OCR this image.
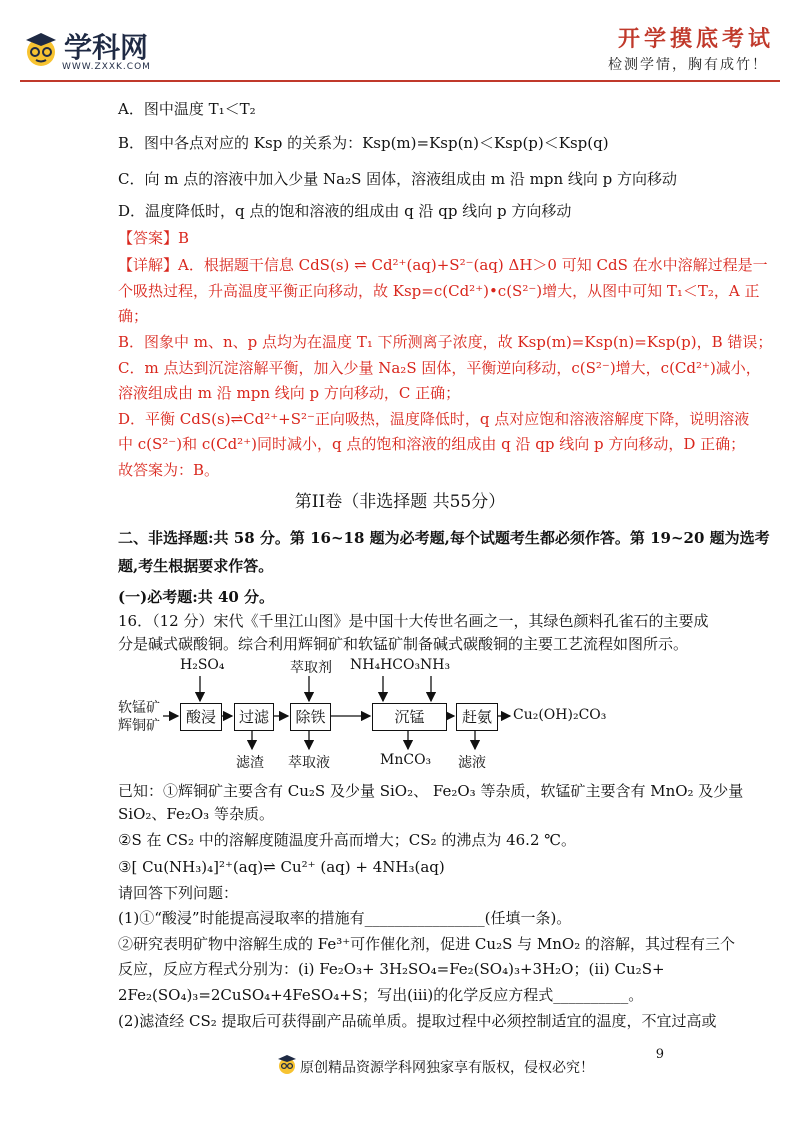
学科网
WWW.ZXXK.COM
开学摸底考试
检测学情，胸有成竹！
A．图中温度 T₁＜T₂
B．图中各点对应的 Ksp 的关系为：Ksp(m)=Ksp(n)＜Ksp(p)＜Ksp(q)
C．向 m 点的溶液中加入少量 Na₂S 固体，溶液组成由 m 沿 mpn 线向 p 方向移动
D．温度降低时，q 点的饱和溶液的组成由 q 沿 qp 线向 p 方向移动
【答案】B
【详解】A．根据题干信息 CdS(s) ⇌ Cd²⁺(aq)+S²⁻(aq) ΔH＞0 可知 CdS 在水中溶解过程是一
个吸热过程，升高温度平衡正向移动，故 Ksp=c(Cd²⁺)•c(S²⁻)增大，从图中可知 T₁＜T₂，A 正
确；
B．图象中 m、n、p 点均为在温度 T₁ 下所测离子浓度，故 Ksp(m)=Ksp(n)=Ksp(p)，B 错误；
C．m 点达到沉淀溶解平衡，加入少量 Na₂S 固体，平衡逆向移动，c(S²⁻)增大，c(Cd²⁺)减小，
溶液组成由 m 沿 mpn 线向 p 方向移动，C 正确；
D．平衡 CdS(s)⇌Cd²⁺+S²⁻正向吸热，温度降低时，q 点对应饱和溶液溶解度下降，说明溶液
中 c(S²⁻)和 c(Cd²⁺)同时减小，q 点的饱和溶液的组成由 q 沿 qp 线向 p 方向移动，D 正确；
故答案为：B。
第II卷（非选择题 共55分）
二、非选择题:共 58 分。第 16~18 题为必考题,每个试题考生都必须作答。第 19~20 题为选考
题,考生根据要求作答。
(一)必考题:共 40 分。
16．（12 分）宋代《千里江山图》是中国十大传世名画之一，其绿色颜料孔雀石的主要成
分是碱式碳酸铜。综合利用辉铜矿和软锰矿制备碱式碳酸铜的主要工艺流程如图所示。
软锰矿
辉铜矿	酸浸	过滤	除铁	沉锰	赶氨	Cu₂(OH)₂CO₃
H₂SO₄	萃取剂 NH₄HCO₃ NH₃
滤渣 萃取液	MnCO₃ 滤液
已知：①辉铜矿主要含有 Cu₂S 及少量 SiO₂、 Fe₂O₃ 等杂质，软锰矿主要含有 MnO₂ 及少量
SiO₂、Fe₂O₃ 等杂质。
②S 在 CS₂ 中的溶解度随温度升高而增大；CS₂ 的沸点为 46.2 ℃。
③[ Cu(NH₃)₄]²⁺(aq)⇌ Cu²⁺ (aq) + 4NH₃(aq)
请回答下列问题：
(1)①“酸浸”时能提高浸取率的措施有________________(任填一条)。
②研究表明矿物中溶解生成的 Fe³⁺可作催化剂，促进 Cu₂S 与 MnO₂ 的溶解，其过程有三个
反应，反应方程式分别为：(i) Fe₂O₃+ 3H₂SO₄=Fe₂(SO₄)₃+3H₂O；(ii) Cu₂S+
2Fe₂(SO₄)₃=2CuSO₄+4FeSO₄+S；写出(iii)的化学反应方程式__________。
(2)滤渣经 CS₂ 提取后可获得副产品硫单质。提取过程中必须控制适宜的温度，不宜过高或
9
原创精品资源学科网独家享有版权，侵权必究！
